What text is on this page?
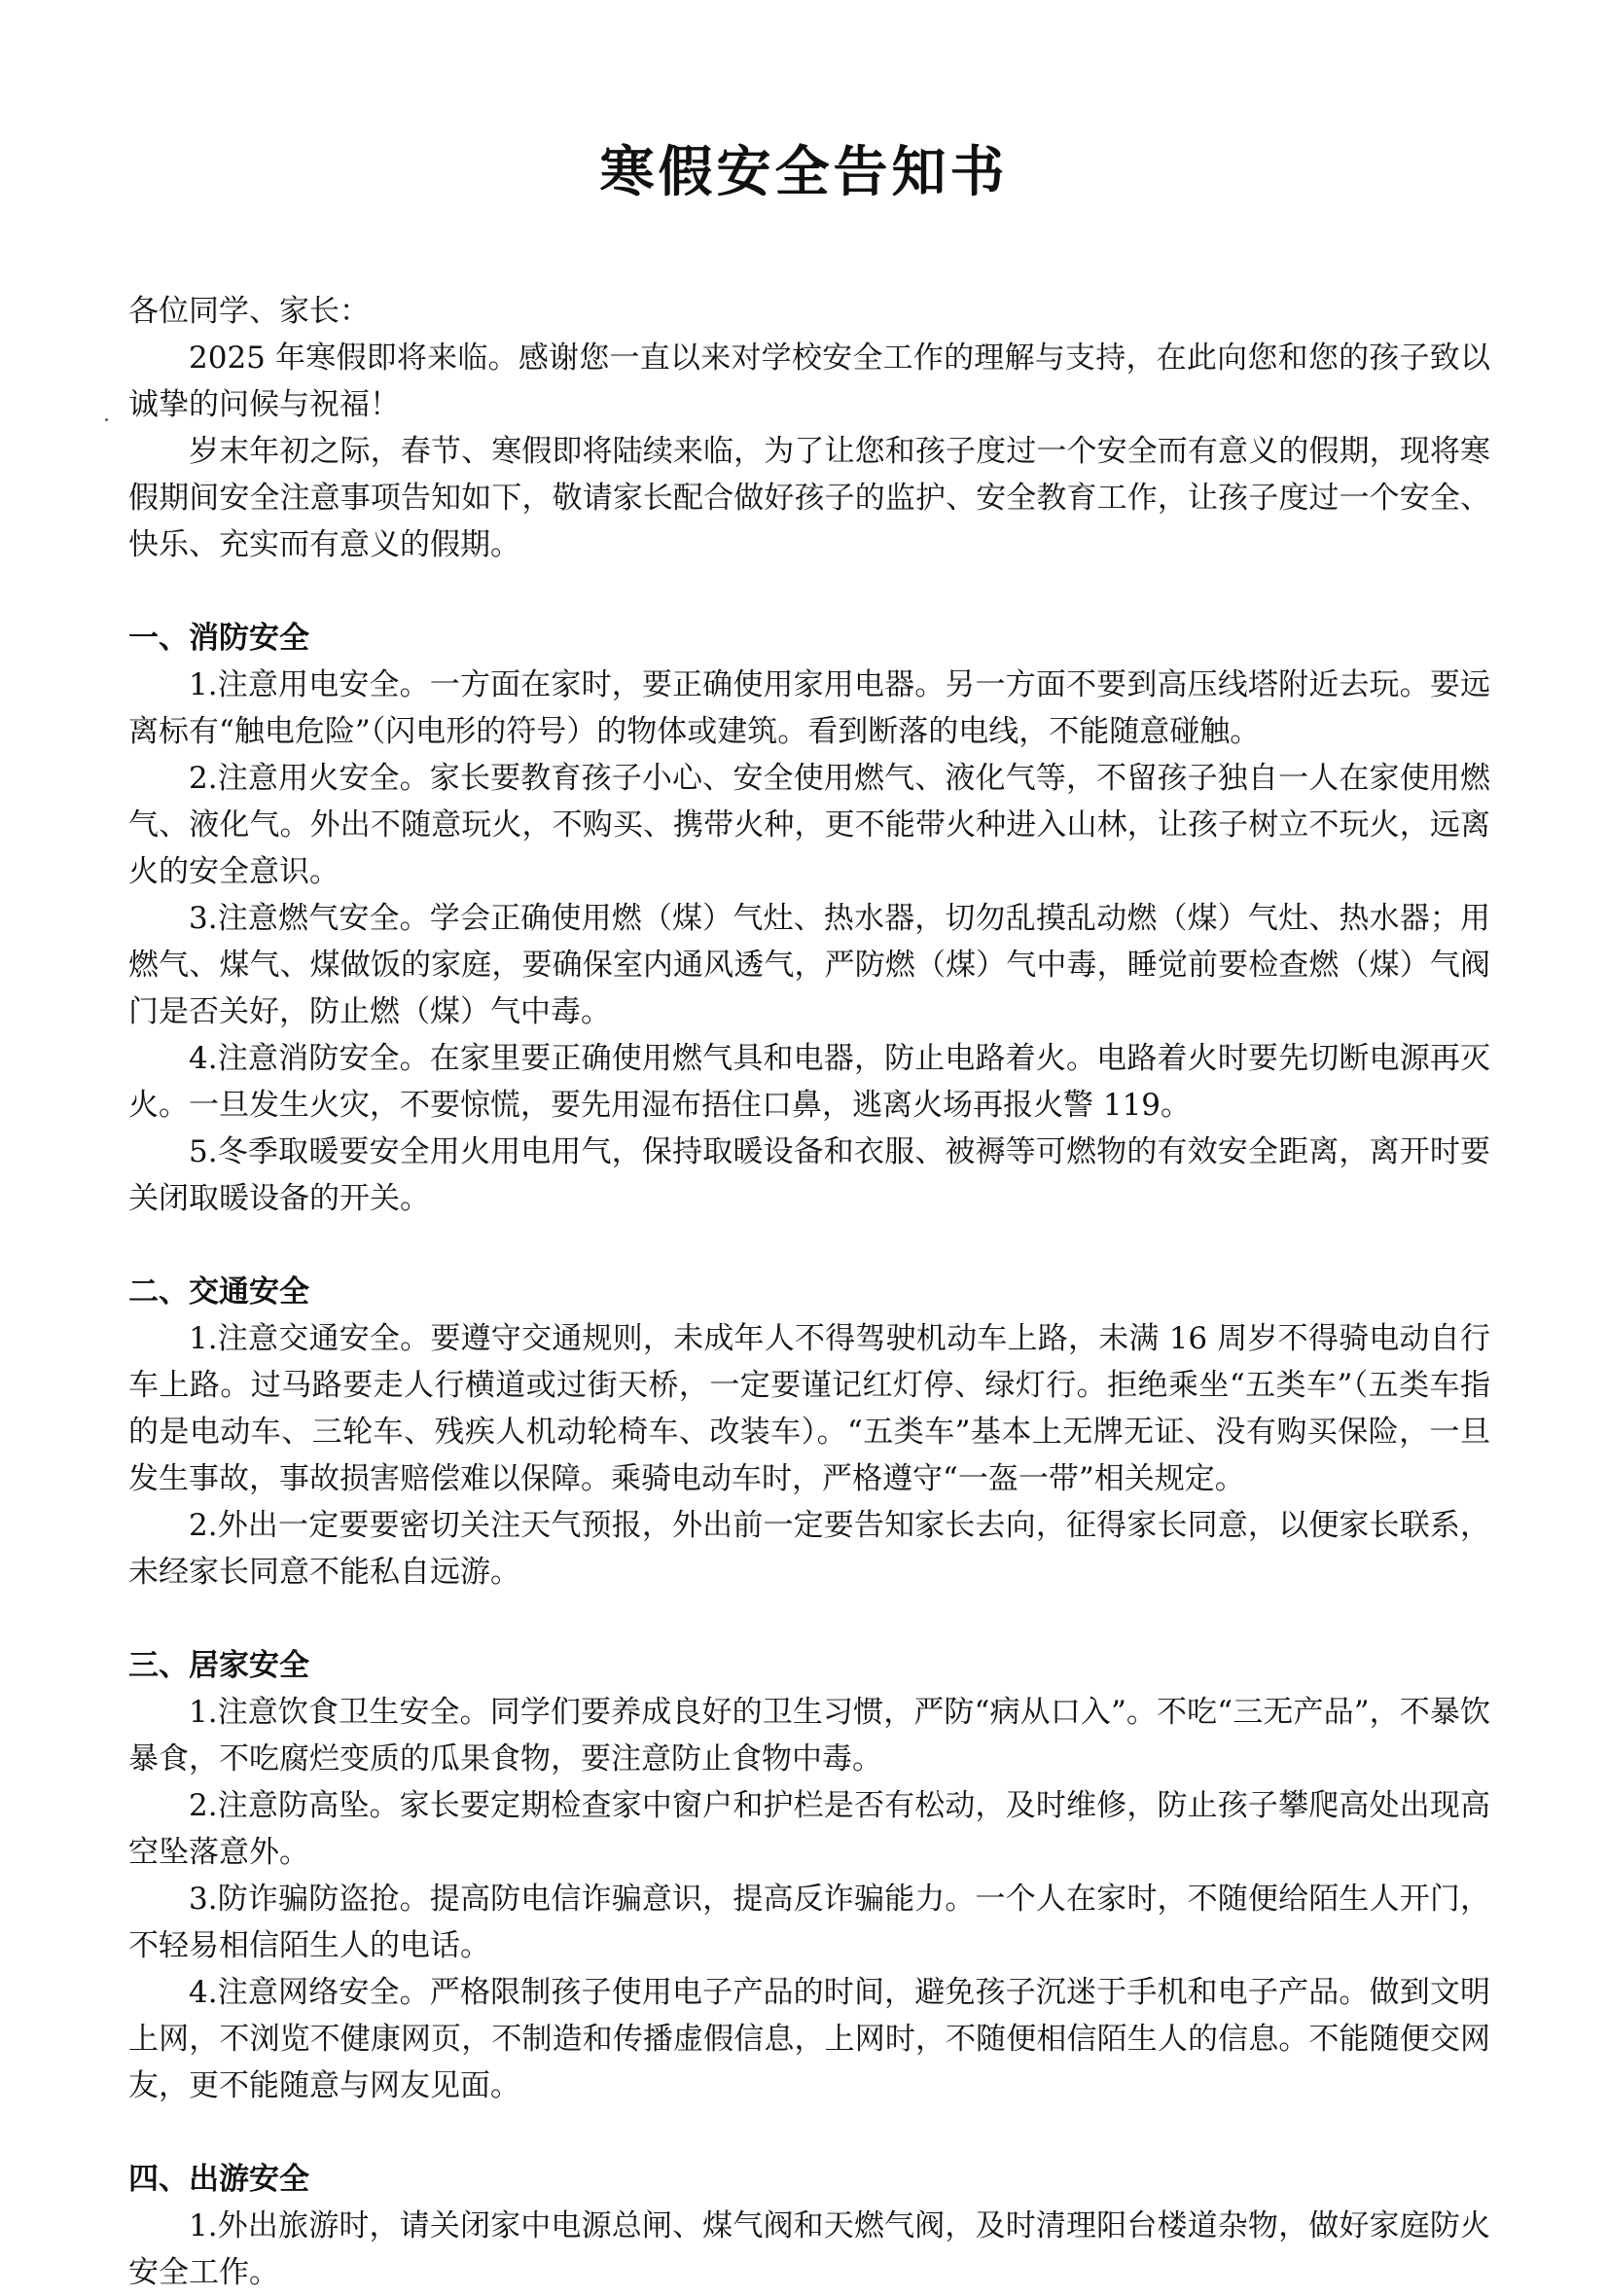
寒假安全告知书

各位同学、家长：

2025 年寒假即将来临。感谢您一直以来对学校安全工作的理解与支持，在此向您和您的孩子致以诚挚的问候与祝福！

岁末年初之际，春节、寒假即将陆续来临，为了让您和孩子度过一个安全而有意义的假期，现将寒假期间安全注意事项告知如下，敬请家长配合做好孩子的监护、安全教育工作，让孩子度过一个安全、快乐、充实而有意义的假期。

一、消防安全

1.注意用电安全。一方面在家时，要正确使用家用电器。另一方面不要到高压线塔附近去玩。要远离标有“触电危险”（闪电形的符号）的物体或建筑。看到断落的电线，不能随意碰触。

2.注意用火安全。家长要教育孩子小心、安全使用燃气、液化气等，不留孩子独自一人在家使用燃气、液化气。外出不随意玩火，不购买、携带火种，更不能带火种进入山林，让孩子树立不玩火，远离火的安全意识。

3.注意燃气安全。学会正确使用燃（煤）气灶、热水器，切勿乱摸乱动燃（煤）气灶、热水器；用燃气、煤气、煤做饭的家庭，要确保室内通风透气，严防燃（煤）气中毒，睡觉前要检查燃（煤）气阀门是否关好，防止燃（煤）气中毒。

4.注意消防安全。在家里要正确使用燃气具和电器，防止电路着火。电路着火时要先切断电源再灭火。一旦发生火灾，不要惊慌，要先用湿布捂住口鼻，逃离火场再报火警 119。

5.冬季取暖要安全用火用电用气，保持取暖设备和衣服、被褥等可燃物的有效安全距离，离开时要关闭取暖设备的开关。

二、交通安全

1.注意交通安全。要遵守交通规则，未成年人不得驾驶机动车上路，未满 16 周岁不得骑电动自行车上路。过马路要走人行横道或过街天桥，一定要谨记红灯停、绿灯行。拒绝乘坐“五类车”（五类车指的是电动车、三轮车、残疾人机动轮椅车、改装车）。“五类车”基本上无牌无证、没有购买保险，一旦发生事故，事故损害赔偿难以保障。乘骑电动车时，严格遵守“一盔一带”相关规定。

2.外出一定要要密切关注天气预报，外出前一定要告知家长去向，征得家长同意，以便家长联系，未经家长同意不能私自远游。

三、居家安全

1.注意饮食卫生安全。同学们要养成良好的卫生习惯，严防“病从口入”。不吃“三无产品”，不暴饮暴食，不吃腐烂变质的瓜果食物，要注意防止食物中毒。

2.注意防高坠。家长要定期检查家中窗户和护栏是否有松动，及时维修，防止孩子攀爬高处出现高空坠落意外。

3.防诈骗防盗抢。提高防电信诈骗意识，提高反诈骗能力。一个人在家时，不随便给陌生人开门，不轻易相信陌生人的电话。

4.注意网络安全。严格限制孩子使用电子产品的时间，避免孩子沉迷于手机和电子产品。做到文明上网，不浏览不健康网页，不制造和传播虚假信息，上网时，不随便相信陌生人的信息。不能随便交网友，更不能随意与网友见面。

四、出游安全

1.外出旅游时，请关闭家中电源总闸、煤气阀和天燃气阀，及时清理阳台楼道杂物，做好家庭防火安全工作。
